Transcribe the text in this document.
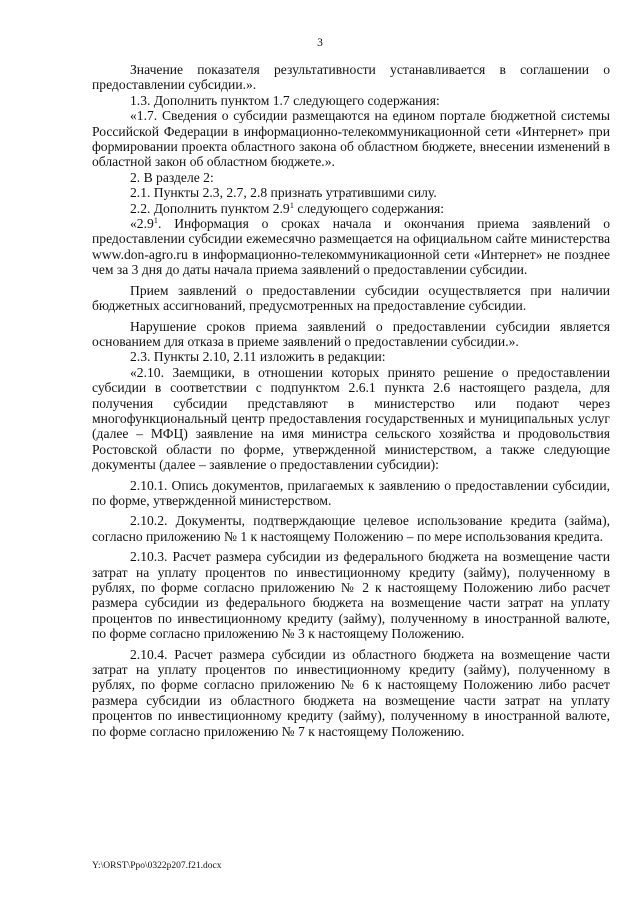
3

Значение показателя результативности устанавливается в соглашении о предоставлении субсидии.».

1.3. Дополнить пунктом 1.7 следующего содержания:

«1.7. Сведения о субсидии размещаются на едином портале бюджетной системы Российской Федерации в информационно-телекоммуникационной сети «Интернет» при формировании проекта областного закона об областном бюджете, внесении изменений в областной закон об областном бюджете.».

2. В разделе 2:

2.1. Пункты 2.3, 2.7, 2.8 признать утратившими силу.

2.2. Дополнить пунктом $2.9^1$ следующего содержания:

«$2.9^1$. Информация о сроках начала и окончания приема заявлений о предоставлении субсидии ежемесячно размещается на официальном сайте министерства www.don-agro.ru в информационно-телекоммуникационной сети «Интернет» не позднее чем за 3 дня до даты начала приема заявлений о предоставлении субсидии.

Прием заявлений о предоставлении субсидии осуществляется при наличии бюджетных ассигнований, предусмотренных на предоставление субсидии.

Нарушение сроков приема заявлений о предоставлении субсидии является основанием для отказа в приеме заявлений о предоставлении субсидии.».

2.3. Пункты 2.10, 2.11 изложить в редакции:

«2.10. Заемщики, в отношении которых принято решение о предоставлении субсидии в соответствии с подпунктом 2.6.1 пункта 2.6 настоящего раздела, для получения субсидии представляют в министерство или подают через многофункциональный центр предоставления государственных и муниципальных услуг (далее – МФЦ) заявление на имя министра сельского хозяйства и продовольствия Ростовской области по форме, утвержденной министерством, а также следующие документы (далее – заявление о предоставлении субсидии):

2.10.1. Опись документов, прилагаемых к заявлению о предоставлении субсидии, по форме, утвержденной министерством.

2.10.2. Документы, подтверждающие целевое использование кредита (займа), согласно приложению № 1 к настоящему Положению – по мере использования кредита.

2.10.3. Расчет размера субсидии из федерального бюджета на возмещение части затрат на уплату процентов по инвестиционному кредиту (займу), полученному в рублях, по форме согласно приложению № 2 к настоящему Положению либо расчет размера субсидии из федерального бюджета на возмещение части затрат на уплату процентов по инвестиционному кредиту (займу), полученному в иностранной валюте, по форме согласно приложению № 3 к настоящему Положению.

2.10.4. Расчет размера субсидии из областного бюджета на возмещение части затрат на уплату процентов по инвестиционному кредиту (займу), полученному в рублях, по форме согласно приложению № 6 к настоящему Положению либо расчет размера субсидии из областного бюджета на возмещение части затрат на уплату процентов по инвестиционному кредиту (займу), полученному в иностранной валюте, по форме согласно приложению № 7 к настоящему Положению.

Y:\ORST\Ppo\0322p207.f21.docx
